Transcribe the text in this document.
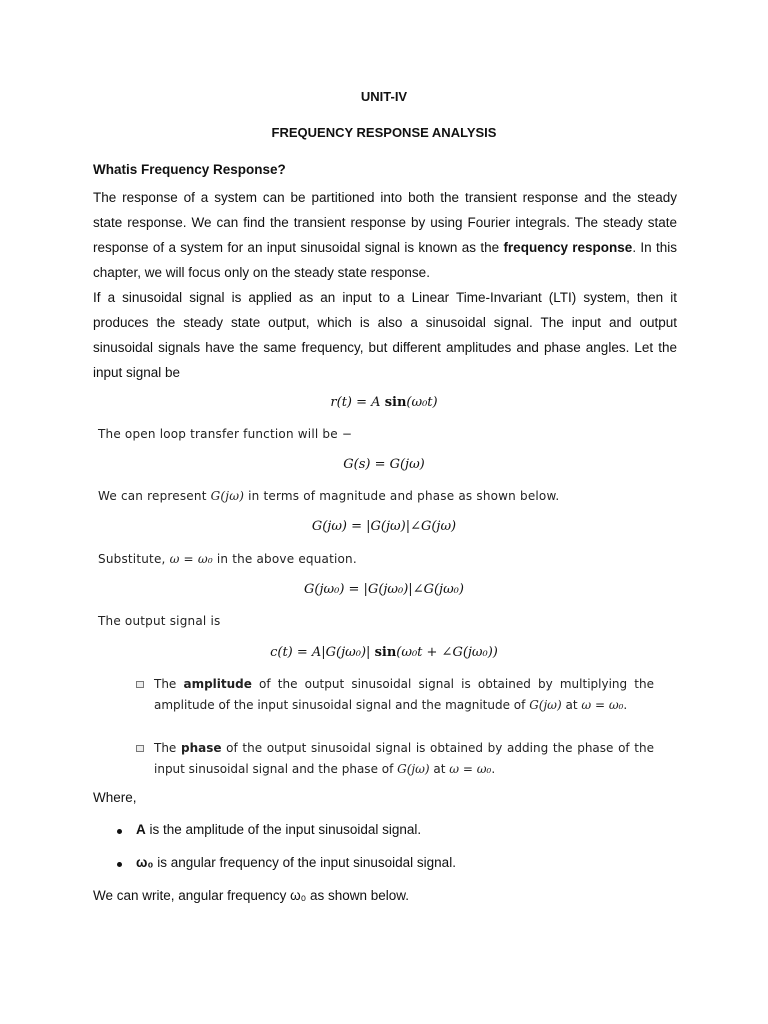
UNIT-IV
FREQUENCY RESPONSE ANALYSIS
Whatis Frequency Response?

The response of a system can be partitioned into both the transient response and the steady state response. We can find the transient response by using Fourier integrals. The steady state response of a system for an input sinusoidal signal is known as the frequency response. In this chapter, we will focus only on the steady state response.

If a sinusoidal signal is applied as an input to a Linear Time-Invariant (LTI) system, then it produces the steady state output, which is also a sinusoidal signal. The input and output sinusoidal signals have the same frequency, but different amplitudes and phase angles. Let the input signal be

r(t) = A sin(ω₀t)
The open loop transfer function will be −
G(s) = G(jω)
We can represent G(jω) in terms of magnitude and phase as shown below.
G(jω) = |G(jω)|∠G(jω)
Substitute, ω = ω₀ in the above equation.
G(jω₀) = |G(jω₀)|∠G(jω₀)
The output signal is
c(t) = A|G(jω₀)| sin(ω₀t + ∠G(jω₀))
The amplitude of the output sinusoidal signal is obtained by multiplying the amplitude of the input sinusoidal signal and the magnitude of G(jω) at ω = ω₀.
The phase of the output sinusoidal signal is obtained by adding the phase of the input sinusoidal signal and the phase of G(jω) at ω = ω₀.
Where,
A is the amplitude of the input sinusoidal signal.
ω₀ is angular frequency of the input sinusoidal signal.
We can write, angular frequency ω₀ as shown below.
